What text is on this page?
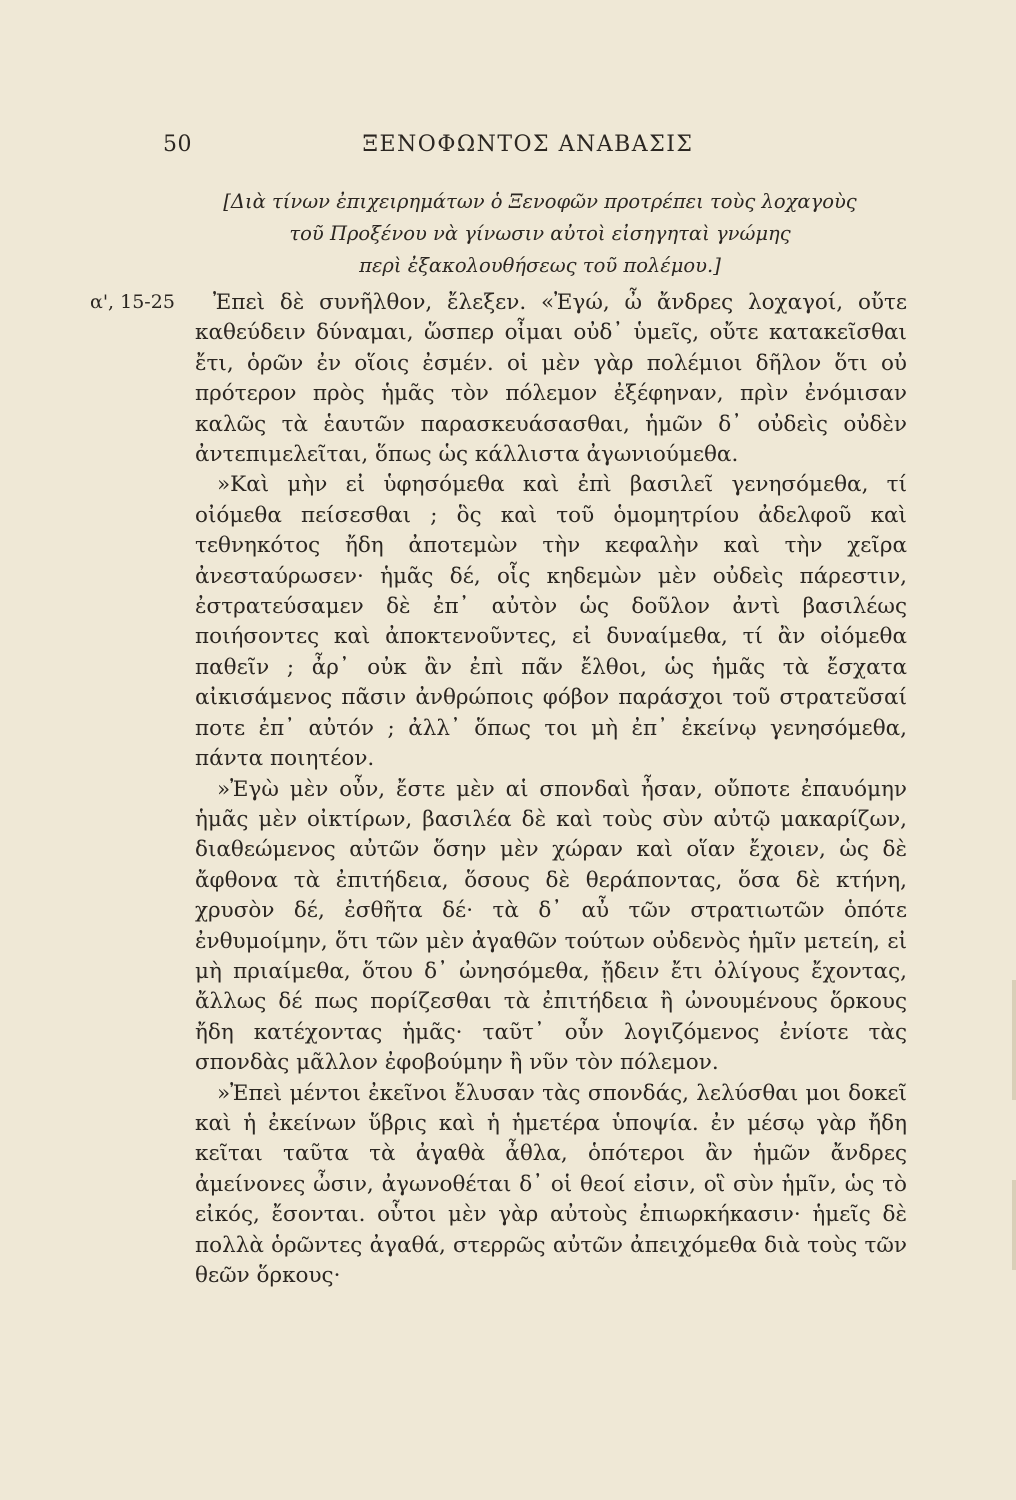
50	ΞΕΝΟΦΩΝΤΟΣ ΑΝΑΒΑΣΙΣ
[Διὰ τίνων ἐπιχειρημάτων ὁ Ξενοφῶν προτρέπει τοὺς λοχαγοὺς
τοῦ Προξένου νὰ γίνωσιν αὐτοὶ εἰσηγηταὶ γνώμης
περὶ ἐξακολουθήσεως τοῦ πολέμου.]
α', 15-25	Ἐπεὶ δὲ συνῆλθον, ἔλεξεν. «Ἐγώ, ὦ ἄνδρες λοχαγοί, οὔτε καθεύδειν δύναμαι, ὥσπερ οἶμαι οὐδ᾽ ὑμεῖς, οὔτε κατακεῖσθαι ἔτι, ὁρῶν ἐν οἵοις ἐσμέν. οἱ μὲν γὰρ πολέμιοι δῆλον ὅτι οὐ πρότερον πρὸς ἡμᾶς τὸν πόλεμον ἐξέφηναν, πρὶν ἐνόμισαν καλῶς τὰ ἑαυτῶν παρασκευάσασθαι, ἡμῶν δ᾽ οὐδεὶς οὐδὲν ἀντεπιμελεῖται, ὅπως ὡς κάλλιστα ἀγωνιούμεθα.

»Καὶ μὴν εἰ ὑφησόμεθα καὶ ἐπὶ βασιλεῖ γενησόμεθα, τί οἰόμεθα πείσεσθαι ; ὃς καὶ τοῦ ὁμομητρίου ἀδελφοῦ καὶ τεθνηκότος ἤδη ἀποτεμὼν τὴν κεφαλὴν καὶ τὴν χεῖρα ἀνεσταύρωσεν· ἡμᾶς δέ, οἷς κηδεμὼν μὲν οὐδεὶς πάρεστιν, ἐστρατεύσαμεν δὲ ἐπ᾽ αὐτὸν ὡς δοῦλον ἀντὶ βασιλέως ποιήσοντες καὶ ἀποκτενοῦντες, εἰ δυναίμεθα, τί ἂν οἰόμεθα παθεῖν ; ἆρ᾽ οὐκ ἂν ἐπὶ πᾶν ἔλθοι, ὡς ἡμᾶς τὰ ἔσχατα αἰκισάμενος πᾶσιν ἀνθρώποις φόβον παράσχοι τοῦ στρατεῦσαί ποτε ἐπ᾽ αὐτόν ; ἀλλ᾽ ὅπως τοι μὴ ἐπ᾽ ἐκείνῳ γενησόμεθα, πάντα ποιητέον.

»Ἐγὼ μὲν οὖν, ἔστε μὲν αἱ σπονδαὶ ἦσαν, οὔποτε ἐπαυόμην ἡμᾶς μὲν οἰκτίρων, βασιλέα δὲ καὶ τοὺς σὺν αὐτῷ μακαρίζων, διαθεώμενος αὐτῶν ὅσην μὲν χώραν καὶ οἵαν ἔχοιεν, ὡς δὲ ἄφθονα τὰ ἐπιτήδεια, ὅσους δὲ θεράποντας, ὅσα δὲ κτήνη, χρυσὸν δέ, ἐσθῆτα δέ· τὰ δ᾽ αὖ τῶν στρατιωτῶν ὁπότε ἐνθυμοίμην, ὅτι τῶν μὲν ἀγαθῶν τούτων οὐδενὸς ἡμῖν μετείη, εἰ μὴ πριαίμεθα, ὅτου δ᾽ ὠνησόμεθα, ᾔδειν ἔτι ὀλίγους ἔχοντας, ἄλλως δέ πως πορίζεσθαι τὰ ἐπιτήδεια ἢ ὠνουμένους ὅρκους ἤδη κατέχοντας ἡμᾶς· ταῦτ᾽ οὖν λογιζόμενος ἐνίοτε τὰς σπονδὰς μᾶλλον ἐφοβούμην ἢ νῦν τὸν πόλεμον.

»Ἐπεὶ μέντοι ἐκεῖνοι ἔλυσαν τὰς σπονδάς, λελύσθαι μοι δοκεῖ καὶ ἡ ἐκείνων ὕβρις καὶ ἡ ἡμετέρα ὑποψία. ἐν μέσῳ γὰρ ἤδη κεῖται ταῦτα τὰ ἀγαθὰ ἆθλα, ὁπότεροι ἂν ἡμῶν ἄνδρες ἀμείνονες ὦσιν, ἀγωνοθέται δ᾽ οἱ θεοί εἰσιν, οἳ σὺν ἡμῖν, ὡς τὸ εἰκός, ἔσονται. οὗτοι μὲν γὰρ αὐτοὺς ἐπιωρκήκασιν· ἡμεῖς δὲ πολλὰ ὁρῶντες ἀγαθά, στερρῶς αὐτῶν ἀπειχόμεθα διὰ τοὺς τῶν θεῶν ὅρκους·
